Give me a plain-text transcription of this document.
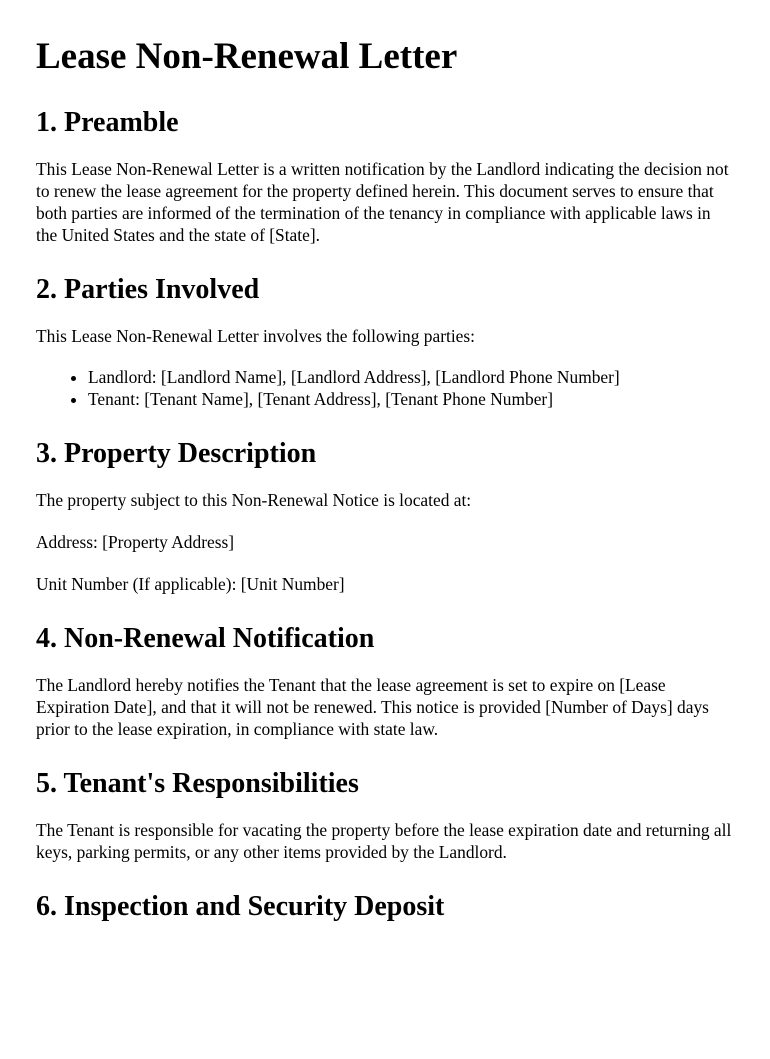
Lease Non-Renewal Letter
1. Preamble

This Lease Non-Renewal Letter is a written notification by the Landlord indicating the decision not to renew the lease agreement for the property defined herein. This document serves to ensure that both parties are informed of the termination of the tenancy in compliance with applicable laws in the United States and the state of [State].

2. Parties Involved

This Lease Non-Renewal Letter involves the following parties:

• Landlord: [Landlord Name], [Landlord Address], [Landlord Phone Number]
• Tenant: [Tenant Name], [Tenant Address], [Tenant Phone Number]
3. Property Description

The property subject to this Non-Renewal Notice is located at:

Address: [Property Address]

Unit Number (If applicable): [Unit Number]

4. Non-Renewal Notification

The Landlord hereby notifies the Tenant that the lease agreement is set to expire on [Lease Expiration Date], and that it will not be renewed. This notice is provided [Number of Days] days prior to the lease expiration, in compliance with state law.

5. Tenant's Responsibilities

The Tenant is responsible for vacating the property before the lease expiration date and returning all keys, parking permits, or any other items provided by the Landlord.

6. Inspection and Security Deposit
